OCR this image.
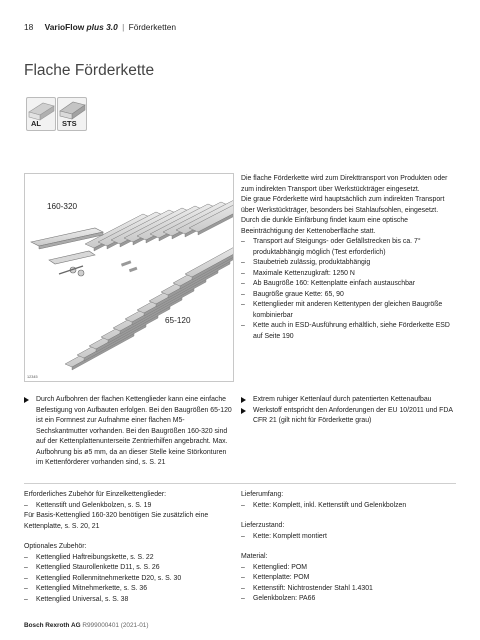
18 VarioFlow plus 3.0 | Förderketten
Flache Förderkette
AL	STS
160-320
65-120
12345

Die flache Förderkette wird zum Direkttransport von Produkten oder zum indirekten Transport über Werkstückträger eingesetzt.

Die graue Förderkette wird hauptsächlich zum indirekten Transport über Werkstückträger, besonders bei Stahlaufsohlen, eingesetzt. Durch die dunkle Einfärbung findet kaum eine optische Beeinträchtigung der Kettenoberfläche statt.

– Transport auf Steigungs- oder Gefällstrecken bis ca. 7° produktabhängig möglich (Test erforderlich)
– Staubetrieb zulässig, produktabhängig
– Maximale Kettenzugkraft: 1250 N
– Ab Baugröße 160: Kettenplatte einfach austauschbar
– Baugröße graue Kette: 65, 90
– Kettenglieder mit anderen Kettentypen der gleichen Baugröße kombinierbar
– Kette auch in ESD-Ausführung erhältlich, siehe Förderkette ESD auf Seite 190
Durch Aufbohren der flachen Kettenglieder kann eine einfache Befestigung von Aufbauten erfolgen. Bei den Baugrößen 65-120 ist ein Formnest zur Aufnahme einer flachen M5-Sechskantmutter vorhanden. Bei den Baugrößen 160-320 sind auf der Kettenplattenunterseite Zentrierhilfen angebracht. Max. Aufbohrung bis ø5 mm, da an dieser Stelle keine Störkonturen im Kettenförderer vorhanden sind, s. S. 21
Extrem ruhiger Kettenlauf durch patentierten Kettenaufbau
Werkstoff entspricht den Anforderungen der EU 10/2011 und FDA CFR 21 (gilt nicht für Förderkette grau)

Erforderliches Zubehör für Einzelkettenglieder:

– Kettenstift und Gelenkbolzen, s. S. 19

Für Basis-Kettenglied 160-320 benötigen Sie zusätzlich eine Kettenplatte, s. S. 20, 21

Optionales Zubehör:

– Kettenglied Haftreibungskette, s. S. 22
– Kettenglied Staurollenkette D11, s. S. 26
– Kettenglied Rollenmitnehmerkette D20, s. S. 30
– Kettenglied Mitnehmerkette, s. S. 36
– Kettenglied Universal, s. S. 38

Lieferumfang:

– Kette: Komplett, inkl. Kettenstift und Gelenkbolzen

Lieferzustand:

– Kette: Komplett montiert

Material:

– Kettenglied: POM
– Kettenplatte: POM
– Kettenstift: Nichtrostender Stahl 1.4301
– Gelenkbolzen: PA66
Bosch Rexroth AG R999000401 (2021-01)
